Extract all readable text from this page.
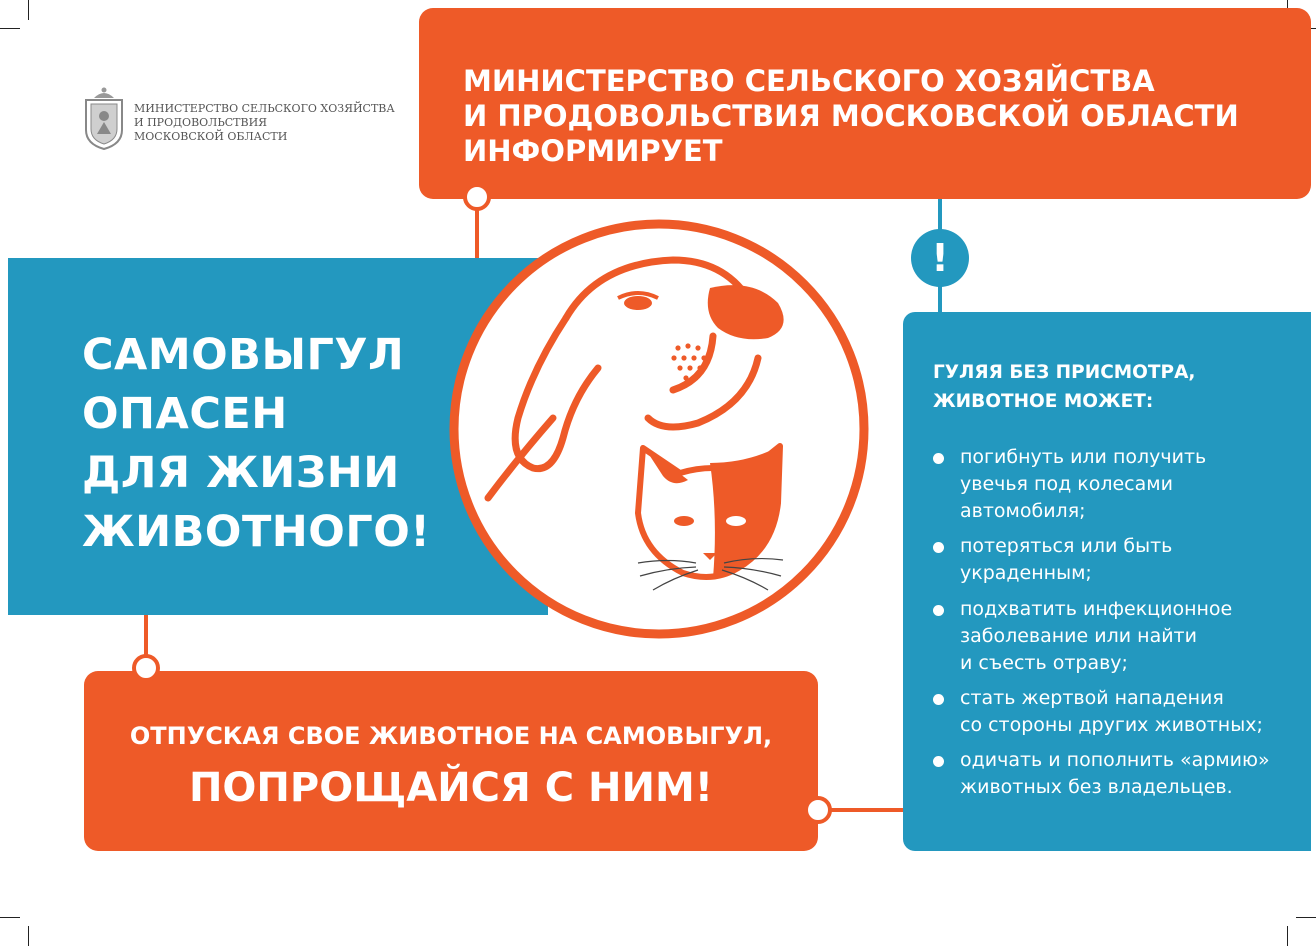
МИНИСТЕРСТВО СЕЛЬСКОГО ХОЗЯЙСТВА
И ПРОДОВОЛЬСТВИЯ
МОСКОВСКОЙ ОБЛАСТИ
МИНИСТЕРСТВО СЕЛЬСКОГО ХОЗЯЙСТВА
И ПРОДОВОЛЬСТВИЯ МОСКОВСКОЙ ОБЛАСТИ
ИНФОРМИРУЕТ
САМОВЫГУЛ
ОПАСЕН
ДЛЯ ЖИЗНИ
ЖИВОТНОГО!
ГУЛЯЯ БЕЗ ПРИСМОТРА,
ЖИВОТНОЕ МОЖЕТ:
погибнуть или получить
увечья под колесами
автомобиля;
потеряться или быть
украденным;
подхватить инфекционное
заболевание или найти
и съесть отраву;
стать жертвой нападения
со стороны других животных;
одичать и пополнить «армию»
животных без владельцев.
ОТПУСКАЯ СВОЕ ЖИВОТНОЕ НА САМОВЫГУЛ,
ПОПРОЩАЙСЯ С НИМ!
!
